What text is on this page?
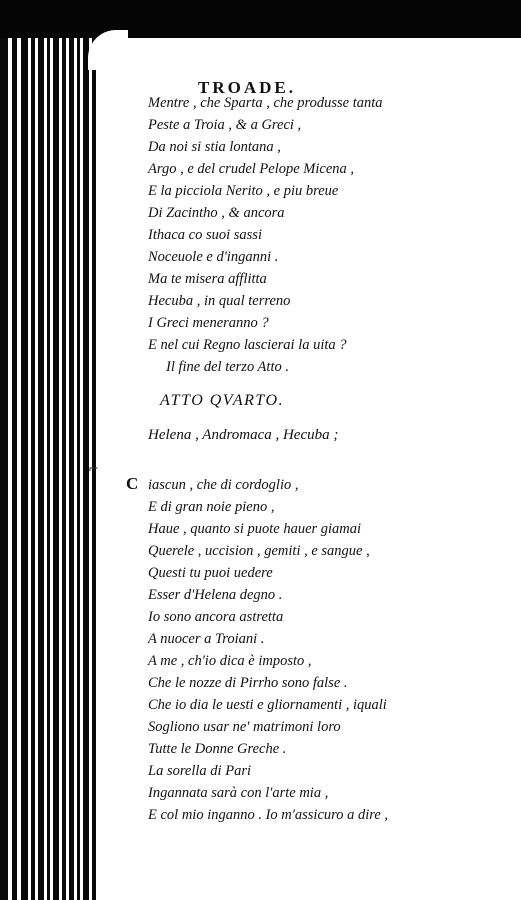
TROADE.
Mentre , che Sparta , che produsse tanta
Peste a Troia , & a Greci ,
Da noi si stia lontana ,
Argo , e del crudel Pelope Micena ,
E la picciola Nerito , e piu breue
Di Zacintho , & ancora
Ithaca co suoi sassi
Noceuole e d'inganni .
Ma te misera afflitta
Hecuba , in qual terreno
I Greci meneranno ?
E nel cui Regno lascierai la uita ?
Il fine del terzo Atto .
ATTO QVARTO.
Helena , Andromaca , Hecuba ;
⌐
C iascun , che di cordoglio ,
E di gran noie pieno ,
Haue , quanto si puote hauer giamai
Querele , uccision , gemiti , e sangue ,
Questi tu puoi uedere
Esser d'Helena degno .
Io sono ancora astretta
A nuocer a Troiani .
A me , ch'io dica è imposto ,
Che le nozze di Pirrho sono false .
Che io dia le uesti e gliornamenti , iquali
Sogliono usar ne' matrimoni loro
Tutte le Donne Greche .
La sorella di Pari
Ingannata sarà con l'arte mia ,
E col mio inganno . Io m'assicuro a dire ,
